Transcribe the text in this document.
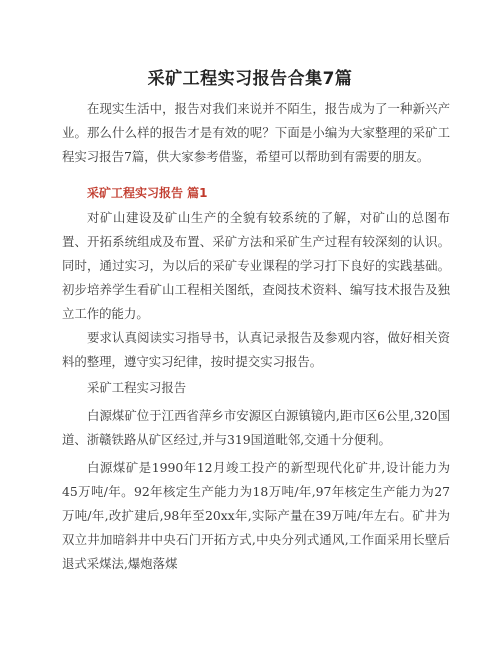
采矿工程实习报告合集7篇

在现实生活中，报告对我们来说并不陌生，报告成为了一种新兴产业。那么什么样的报告才是有效的呢？下面是小编为大家整理的采矿工程实习报告7篇，供大家参考借鉴，希望可以帮助到有需要的朋友。

采矿工程实习报告 篇1

对矿山建设及矿山生产的全貌有较系统的了解，对矿山的总图布置、开拓系统组成及布置、采矿方法和采矿生产过程有较深刻的认识。同时，通过实习，为以后的采矿专业课程的学习打下良好的实践基础。初步培养学生看矿山工程相关图纸，查阅技术资料、编写技术报告及独立工作的能力。

要求认真阅读实习指导书，认真记录报告及参观内容，做好相关资料的整理，遵守实习纪律，按时提交实习报告。

采矿工程实习报告

白源煤矿位于江西省萍乡市安源区白源镇镜内,距市区6公里,320国道、浙赣铁路从矿区经过,并与319国道毗邻,交通十分便利。

白源煤矿是1990年12月竣工投产的新型现代化矿井,设计能力为45万吨/年。92年核定生产能力为18万吨/年,97年核定生产能力为27万吨/年,改扩建后,98年至20xx年,实际产量在39万吨/年左右。矿井为双立井加暗斜井中央石门开拓方式,中央分列式通风,工作面采用长壁后退式采煤法,爆炮落煤
